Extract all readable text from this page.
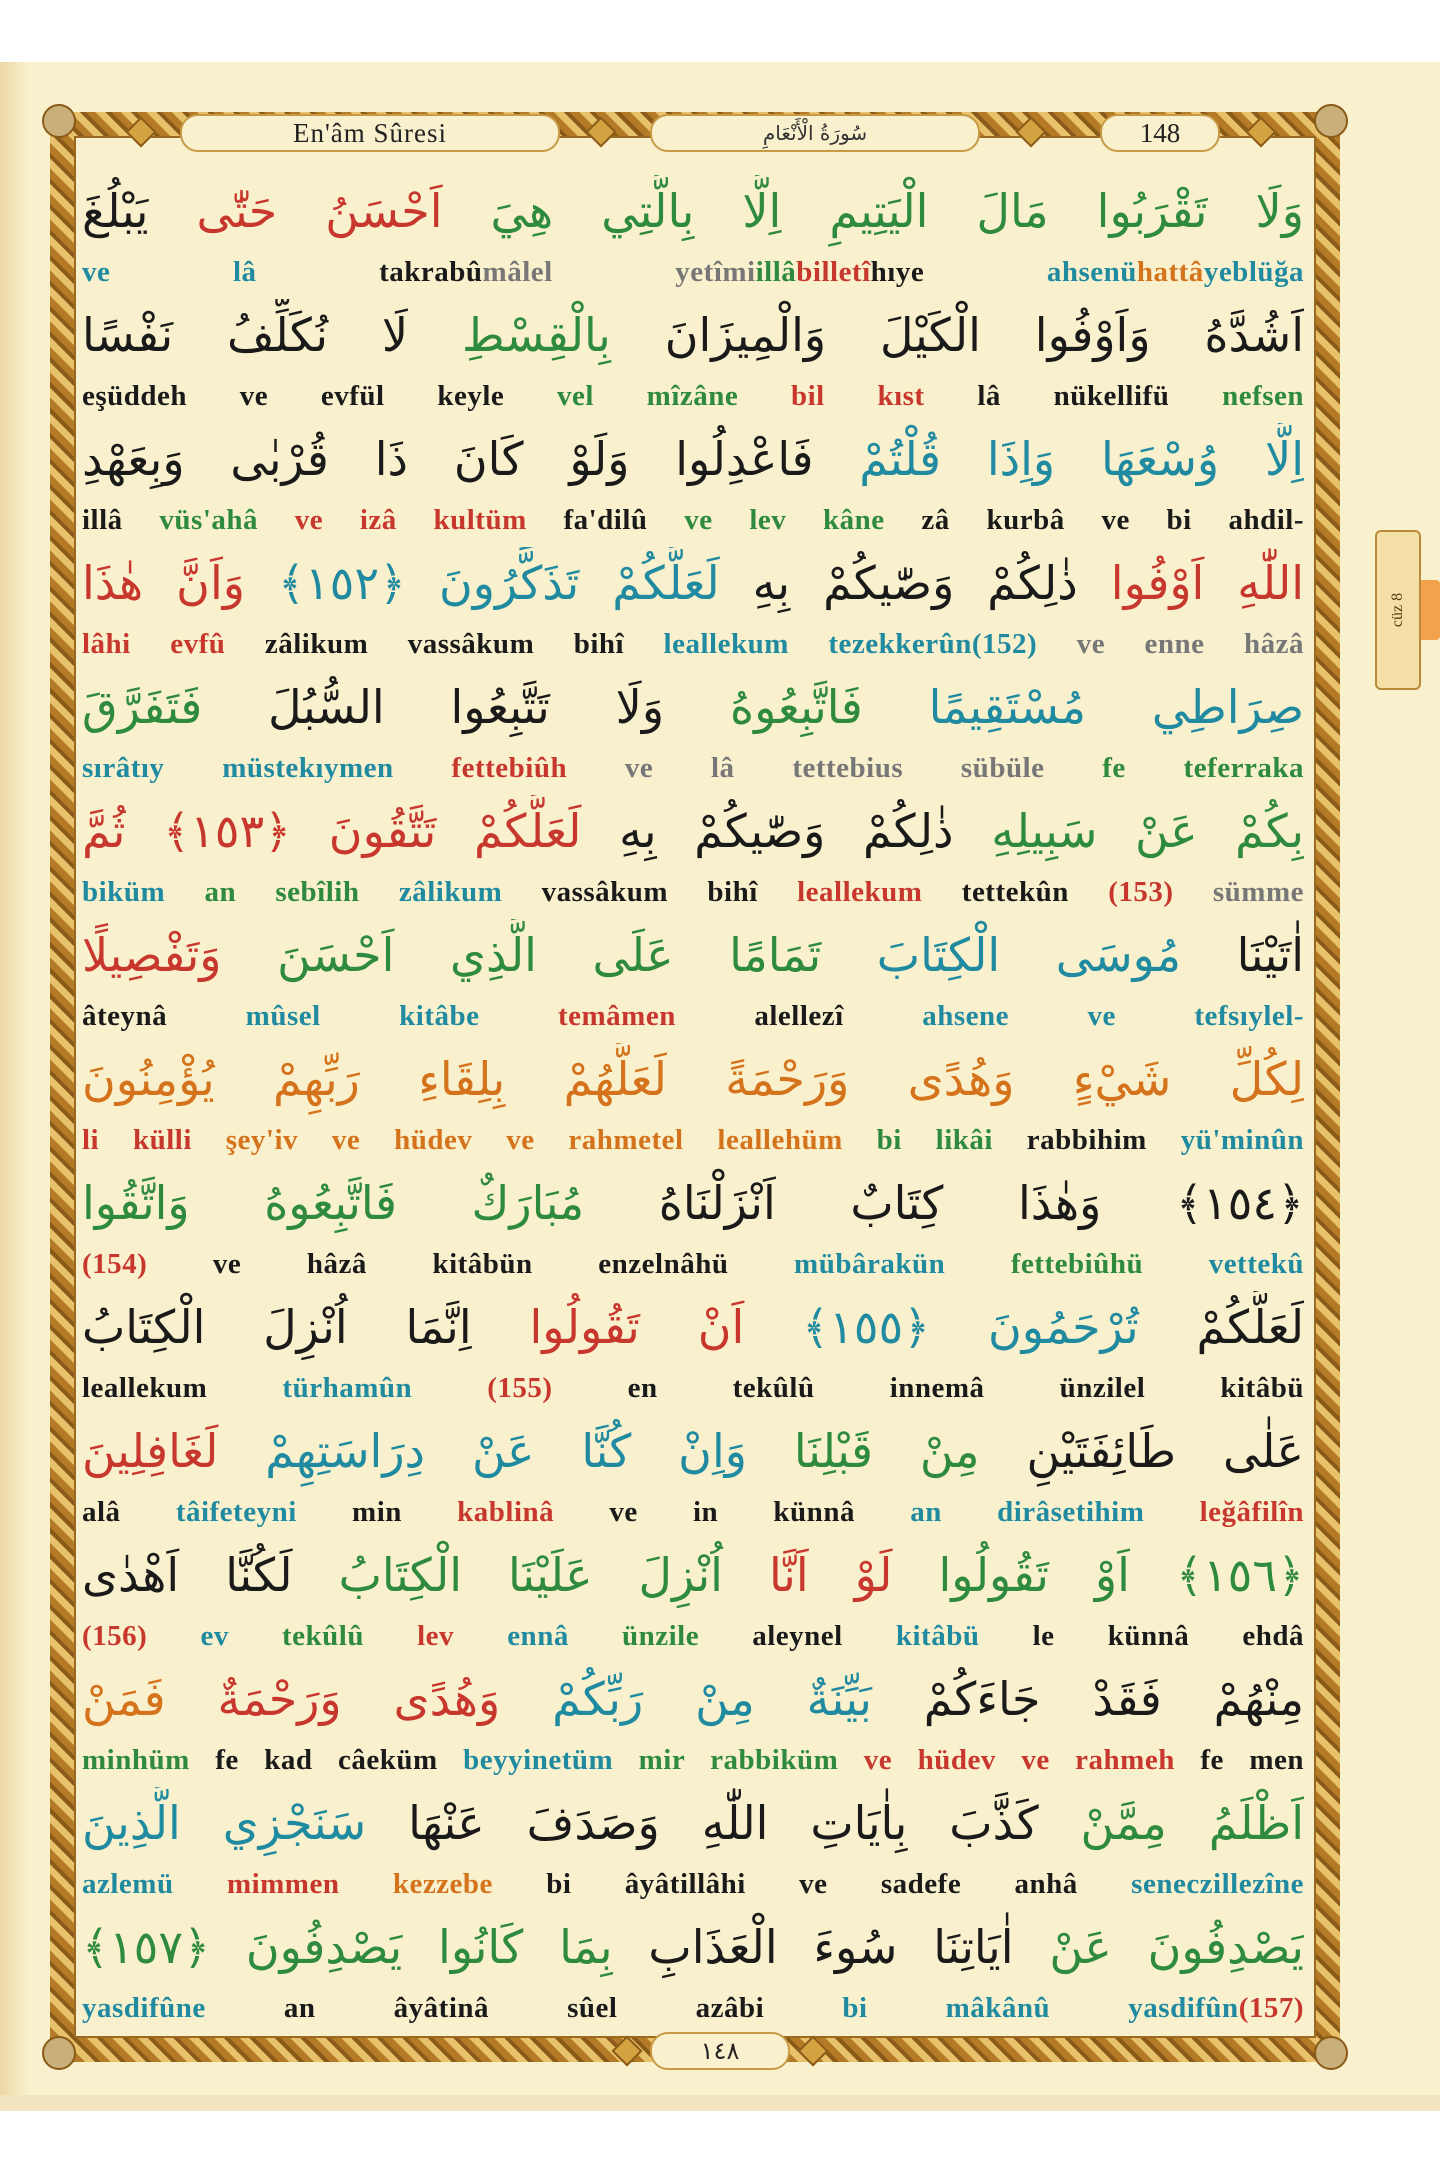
En'âm Sûresi	سُورَةُ الْأَنْعَامِ	148
cüz 8
وَلَا تَقْرَبُوا مَالَ الْيَتِيمِ اِلَّا بِالَّتِي هِيَ اَحْسَنُ حَتّٰى يَبْلُغَ
ve lâ takrabûmâlel yetîmiillâbilletîhıye ahsenühattâyeblüğa
اَشُدَّهُ وَاَوْفُوا الْكَيْلَ وَالْمِيزَانَ بِالْقِسْطِ لَا نُكَلِّفُ نَفْسًا
eşüddeh ve evfül keyle vel mîzâne bil kıst lâ nükellifü nefsen
اِلَّا وُسْعَهَا وَاِذَا قُلْتُمْ فَاعْدِلُوا وَلَوْ كَانَ ذَا قُرْبٰى وَبِعَهْدِ
illâ vüs'ahâ ve izâ kultüm fa'dilû ve lev kâne zâ kurbâ ve bi ahdil-
اللّٰهِ اَوْفُوا ذٰلِكُمْ وَصّٰيكُمْ بِهِ لَعَلَّكُمْ تَذَكَّرُونَ ﴿١٥٢﴾ وَاَنَّ هٰذَا
lâhi evfû zâlikum vassâkum bihî leallekum tezekkerûn(152) ve enne hâzâ
صِرَاطِي مُسْتَقِيمًا فَاتَّبِعُوهُ وَلَا تَتَّبِعُوا السُّبُلَ فَتَفَرَّقَ
sırâtıy müstekıymen fettebiûh ve lâ tettebius sübüle fe teferraka
بِكُمْ عَنْ سَبِيلِهِ ذٰلِكُمْ وَصّٰيكُمْ بِهِ لَعَلَّكُمْ تَتَّقُونَ ﴿١٥٣﴾ ثُمَّ
biküm an sebîlih zâlikum vassâkum bihî leallekum tettekûn (153) sümme
اٰتَيْنَا مُوسَى الْكِتَابَ تَمَامًا عَلَى الَّذِي اَحْسَنَ وَتَفْصِيلًا
âteynâ mûsel kitâbe temâmen alellezî ahsene ve tefsıylel-
لِكُلِّ شَيْءٍ وَهُدًى وَرَحْمَةً لَعَلَّهُمْ بِلِقَاءِ رَبِّهِمْ يُؤْمِنُونَ
li külli şey'iv ve hüdev ve rahmetel leallehüm bi likâi rabbihim yü'minûn
﴿١٥٤﴾ وَهٰذَا كِتَابٌ اَنْزَلْنَاهُ مُبَارَكٌ فَاتَّبِعُوهُ وَاتَّقُوا
(154) ve hâzâ kitâbün enzelnâhü mübârakün fettebiûhü vettekû
لَعَلَّكُمْ تُرْحَمُونَ ﴿١٥٥﴾ اَنْ تَقُولُوا اِنَّمَا اُنْزِلَ الْكِتَابُ
leallekum türhamûn (155) en tekûlû innemâ ünzilel kitâbü
عَلٰى طَائِفَتَيْنِ مِنْ قَبْلِنَا وَاِنْ كُنَّا عَنْ دِرَاسَتِهِمْ لَغَافِلِينَ
alâ tâifeteyni min kablinâ ve in künnâ an dirâsetihim leğâfilîn
﴿١٥٦﴾ اَوْ تَقُولُوا لَوْ اَنَّا اُنْزِلَ عَلَيْنَا الْكِتَابُ لَكُنَّا اَهْدٰى
(156) ev tekûlû lev ennâ ünzile aleynel kitâbü le künnâ ehdâ
مِنْهُمْ فَقَدْ جَاءَكُمْ بَيِّنَةٌ مِنْ رَبِّكُمْ وَهُدًى وَرَحْمَةٌ فَمَنْ
minhüm fe kad câeküm beyyinetüm mir rabbiküm ve hüdev ve rahmeh fe men
اَظْلَمُ مِمَّنْ كَذَّبَ بِاٰيَاتِ اللّٰهِ وَصَدَفَ عَنْهَا سَنَجْزِي الَّذِينَ
azlemü mimmen kezzebe bi âyâtillâhi ve sadefe anhâ seneczillezîne
يَصْدِفُونَ عَنْ اٰيَاتِنَا سُوءَ الْعَذَابِ بِمَا كَانُوا يَصْدِفُونَ ﴿١٥٧﴾
yasdifûne an âyâtinâ sûel azâbi bi mâkânû yasdifûn(157)
١٤٨
